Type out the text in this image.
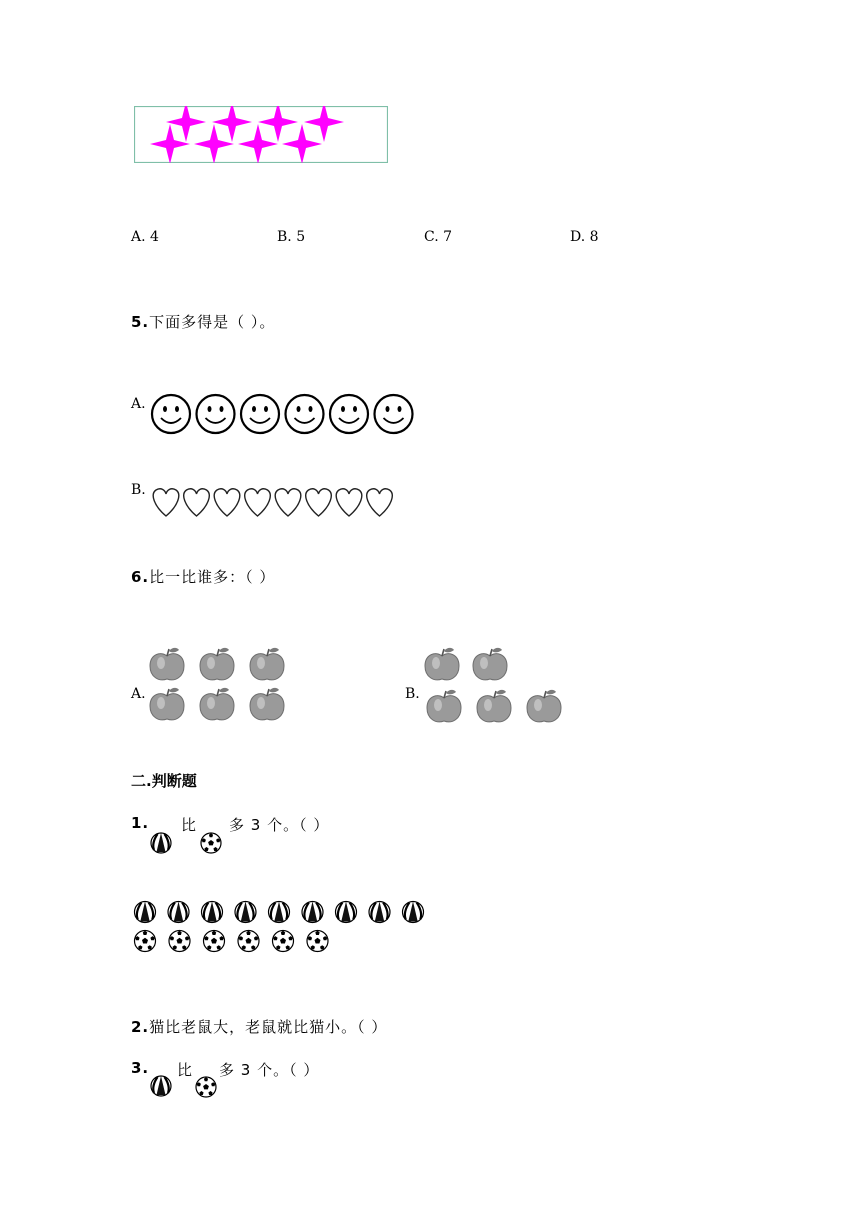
A. 4	B. 5	C. 7	D. 8
5.下面多得是（ ）。
A.
B.
6.比一比谁多：（ ）
A.	B.
二.判断题
1. 比 多 3 个。（ ）
2.猫比老鼠大，老鼠就比猫小。（ ）
3. 比 多 3 个。（ ）
